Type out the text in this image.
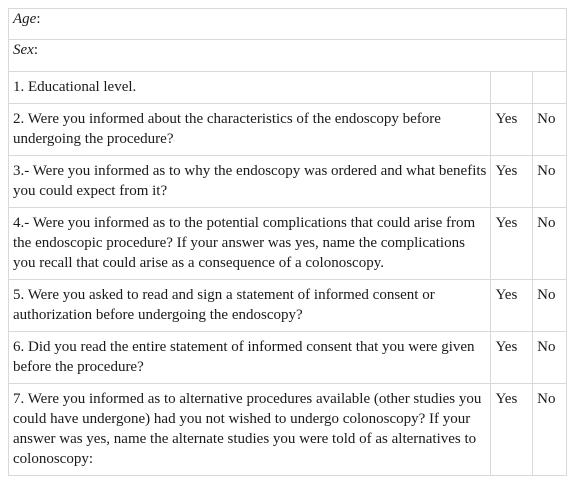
Age:		
Sex:		
1. Educational level.		
2. Were you informed about the characteristics of the endoscopy before undergoing the procedure?	Yes	No
3.- Were you informed as to why the endoscopy was ordered and what benefits you could expect from it?	Yes	No
4.- Were you informed as to the potential complications that could arise from the endoscopic procedure? If your answer was yes, name the complications you recall that could arise as a consequence of a colonoscopy.	Yes	No
5. Were you asked to read and sign a statement of informed consent or authorization before undergoing the endoscopy?	Yes	No
6. Did you read the entire statement of informed consent that you were given before the procedure?	Yes	No
7. Were you informed as to alternative procedures available (other studies you could have undergone) had you not wished to undergo colonoscopy? If your answer was yes, name the alternate studies you were told of as alternatives to colonoscopy:	Yes	No
